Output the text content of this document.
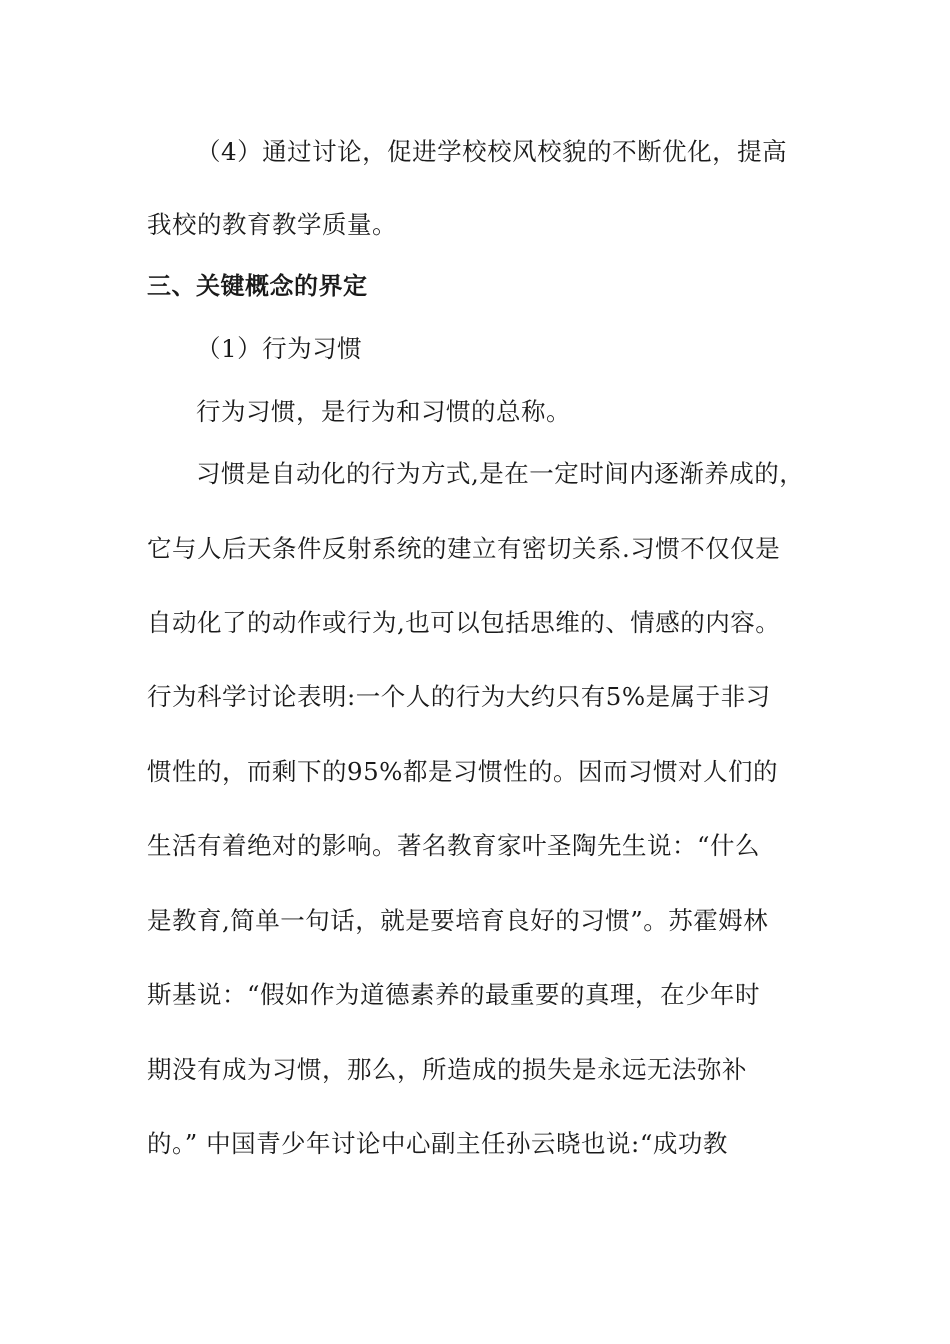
（4）通过讨论，促进学校校风校貌的不断优化，提高
我校的教育教学质量。
三、关键概念的界定
（1）行为习惯
行为习惯，是行为和习惯的总称。
习惯是自动化的行为方式,是在一定时间内逐渐养成的，
它与人后天条件反射系统的建立有密切关系.习惯不仅仅是
自动化了的动作或行为,也可以包括思维的、情感的内容。
行为科学讨论表明:一个人的行为大约只有5%是属于非习
惯性的，而剩下的95%都是习惯性的。因而习惯对人们的
生活有着绝对的影响。著名教育家叶圣陶先生说：“什么
是教育,简单一句话，就是要培育良好的习惯”。苏霍姆林
斯基说：“假如作为道德素养的最重要的真理，在少年时
期没有成为习惯，那么，所造成的损失是永远无法弥补
的。” 中国青少年讨论中心副主任孙云晓也说:“成功教
